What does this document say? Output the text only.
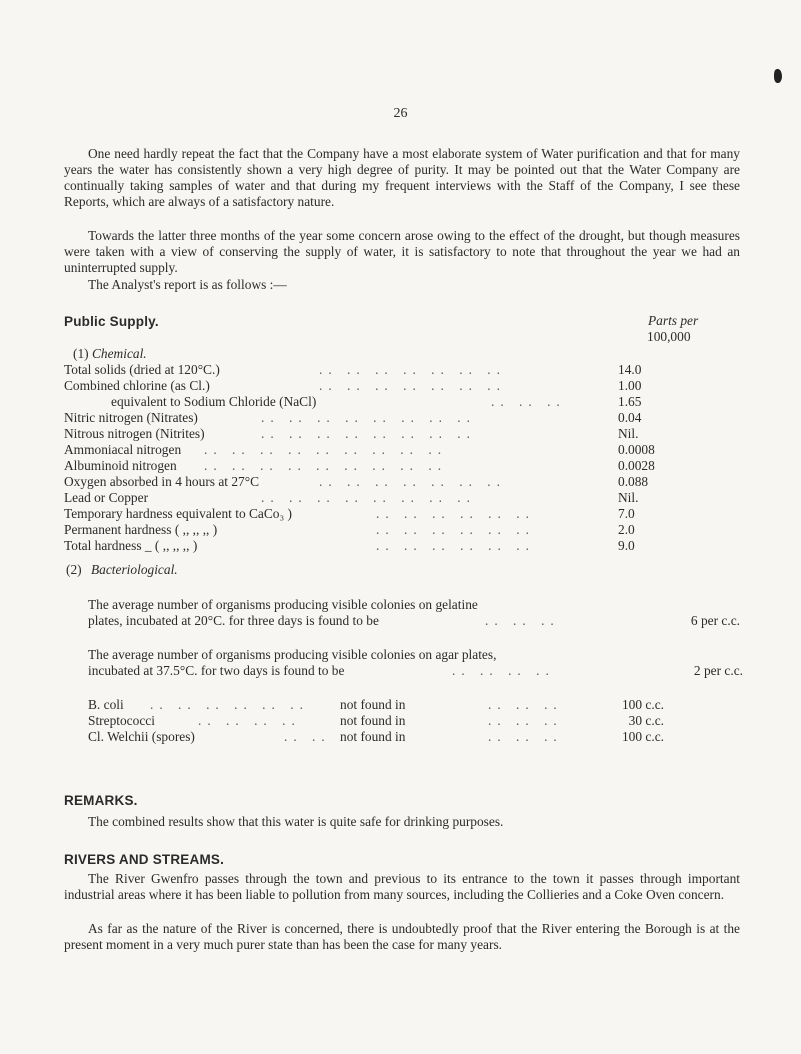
26

One need hardly repeat the fact that the Company have a most elaborate system of Water purification and that for many years the water has consistently shown a very high degree of purity. It may be pointed out that the Water Company are continually taking samples of water and that during my frequent interviews with the Staff of the Company, I see these Reports, which are always of a satisfactory nature.

Towards the latter three months of the year some concern arose owing to the effect of the drought, but though measures were taken with a view of conserving the supply of water, it is satisfactory to note that throughout the year we had an uninterrupted supply.

The Analyst's report is as follows :—

Public Supply.	Parts per
100,000
(1) Chemical.
Total solids (dried at 120°C.)	.. .. .. .. .. .. ..	14.0
Combined chlorine (as Cl.)	.. .. .. .. .. .. ..	1.00
equivalent to Sodium Chloride (NaCl)	.. .. ..	1.65
Nitric nitrogen (Nitrates)	.. .. .. .. .. .. .. ..	0.04
Nitrous nitrogen (Nitrites)	.. .. .. .. .. .. .. ..	Nil.
Ammoniacal nitrogen .. .. .. .. .. .. .. .. ..	0.0008
Albuminoid nitrogen .. .. .. .. .. .. .. .. ..	0.0028
Oxygen absorbed in 4 hours at 27°C	.. .. .. .. .. .. ..	0.088
Lead or Copper	.. .. .. .. .. .. .. ..	Nil.
Temporary hardness equivalent to CaCo₃ )	.. .. .. .. .. ..	7.0
Permanent hardness ( ,, ,, ,, )	.. .. .. .. .. ..	2.0
Total hardness _ ( ,, ,, ,, )	.. .. .. .. .. ..	9.0
(2) Bacteriological.
The average number of organisms producing visible colonies on gelatine
plates, incubated at 20°C. for three days is found to be	.. .. ..	6 per c.c.
The average number of organisms producing visible colonies on agar plates,
incubated at 37.5°C. for two days is found to be	.. .. .. ..	2 per c.c.
B. coli .. .. .. .. .. .. not found in	.. .. ..	100 c.c.
Streptococci	.. .. .. ..	not found in	.. .. ..	30 c.c.
Cl. Welchii (spores)	.. .. not found in	.. .. ..	100 c.c.
REMARKS.
The combined results show that this water is quite safe for drinking purposes.
RIVERS AND STREAMS.

The River Gwenfro passes through the town and previous to its entrance to the town it passes through important industrial areas where it has been liable to pollution from many sources, including the Collieries and a Coke Oven concern.

As far as the nature of the River is concerned, there is undoubtedly proof that the River entering the Borough is at the present moment in a very much purer state than has been the case for many years.
